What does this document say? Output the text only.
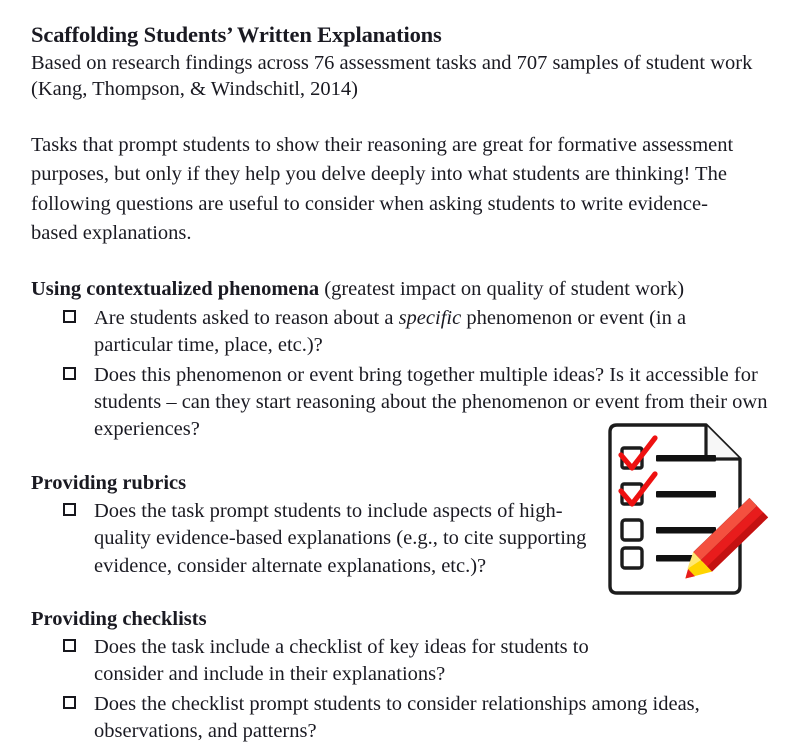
Scaffolding Students’ Written Explanations

Based on research findings across 76 assessment tasks and 707 samples of student work (Kang, Thompson, & Windschitl, 2014)

Tasks that prompt students to show their reasoning are great for formative assessment purposes, but only if they help you delve deeply into what students are thinking! The following questions are useful to consider when asking students to write evidence-based explanations.

Using contextualized phenomena (greatest impact on quality of student work)

Are students asked to reason about a specific phenomenon or event (in a particular time, place, etc.)?
Does this phenomenon or event bring together multiple ideas? Is it accessible for students – can they start reasoning about the phenomenon or event from their own experiences?

Providing rubrics

Does the task prompt students to include aspects of high-quality evidence-based explanations (e.g., to cite supporting evidence, consider alternate explanations, etc.)?

Providing checklists

Does the task include a checklist of key ideas for students to consider and include in their explanations?
Does the checklist prompt students to consider relationships among ideas, observations, and patterns?
